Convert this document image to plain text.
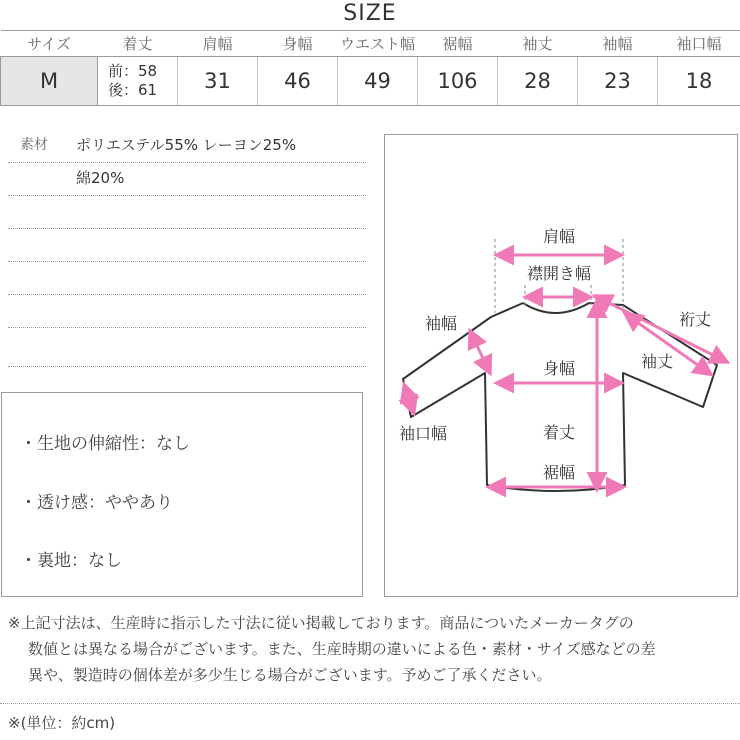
SIZE
サイズ	着丈	肩幅	身幅	ウエスト幅	裾幅	袖丈	袖幅	袖口幅
M	前：58
後：61	31	46	49	106	28	23	18
素材 ポリエステル55% レーヨン25%
綿20%
・生地の伸縮性：なし
・透け感：ややあり
・裏地：なし
肩幅
襟開き幅
裄丈
袖幅
袖丈
身幅
着丈
袖口幅
裾幅
※上記寸法は、生産時に指示した寸法に従い掲載しております。商品についたメーカータグの
数値とは異なる場合がございます。また、生産時期の違いによる色・素材・サイズ感などの差
異や、製造時の個体差が多少生じる場合がございます。予めご了承ください。
※(単位：約cm)
